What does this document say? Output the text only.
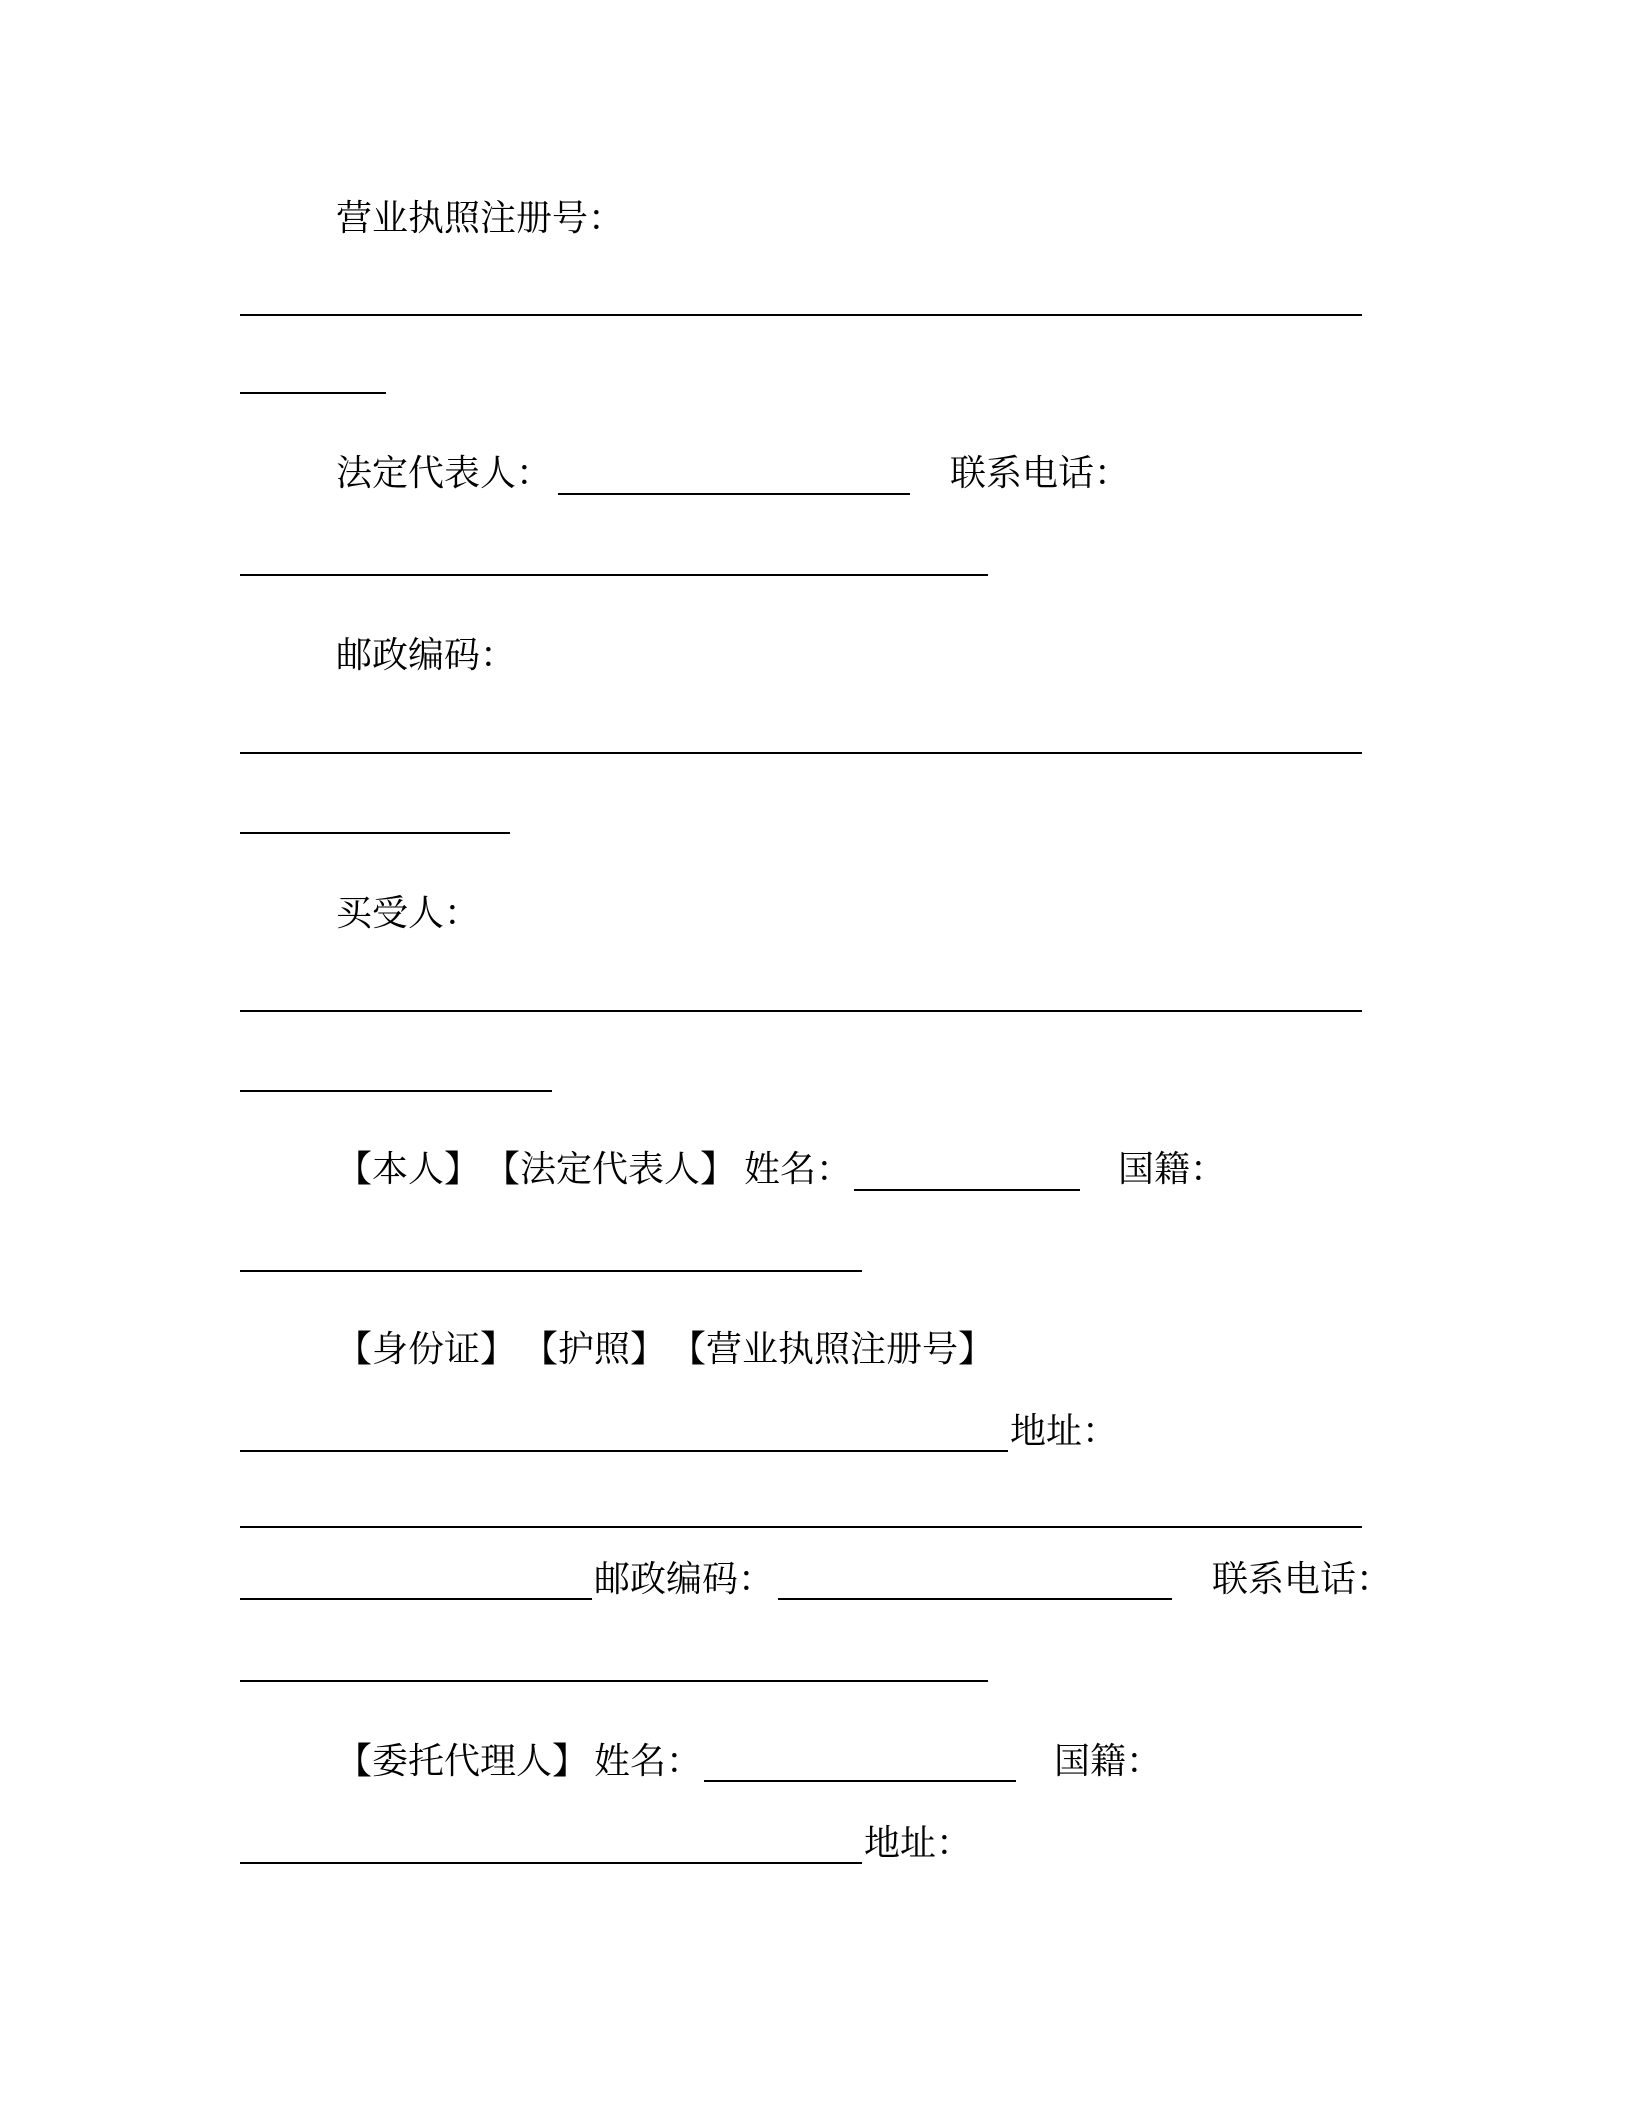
营业执照注册号：
法定代表人：	联系电话：
邮政编码：
买受人：
【本人】 【法定代表人】 姓名：	国籍：
【身份证】 【护照】 【营业执照注册号】
地址：
邮政编码：	联系电话：
【委托代理人】 姓名：	国籍：
地址：
